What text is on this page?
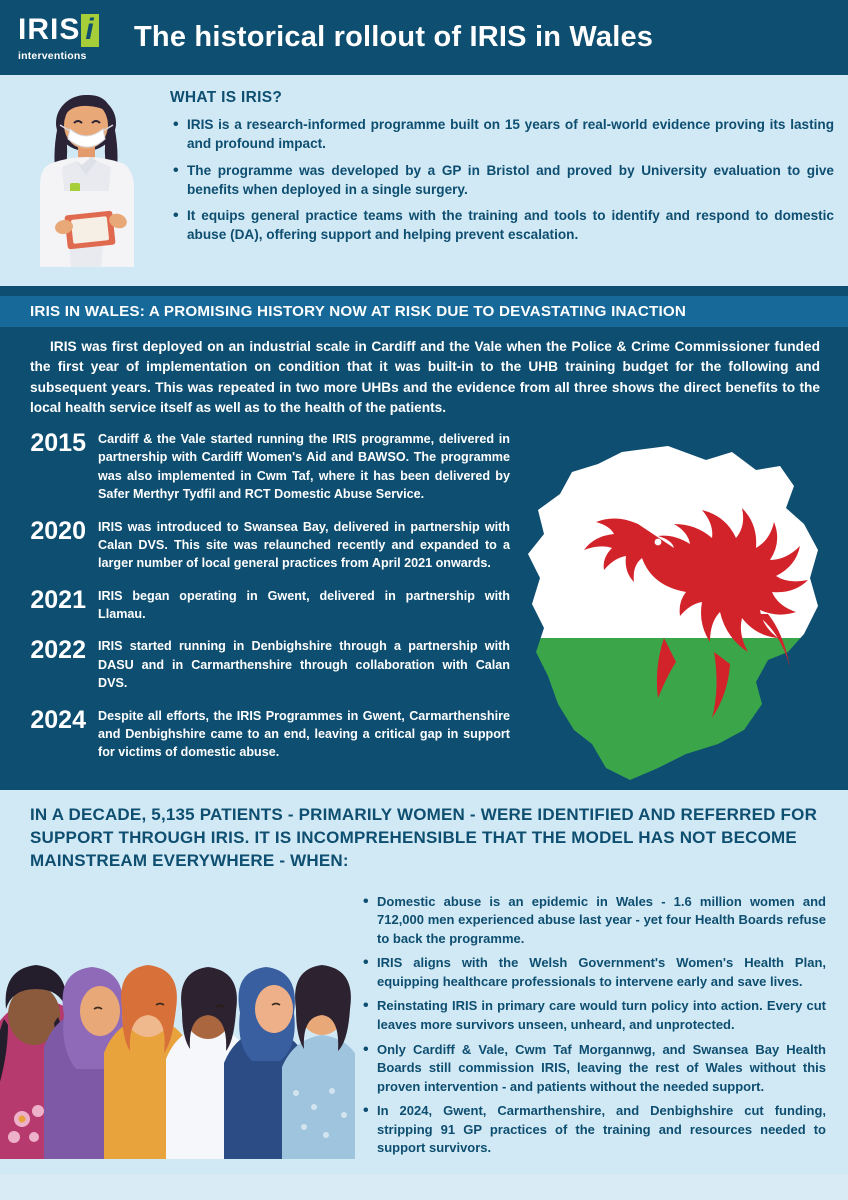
IRIS i
interventions
The historical rollout of IRIS in Wales
WHAT IS IRIS?
• IRIS is a research-informed programme built on 15 years of real-world evidence proving its lasting and profound impact.
• The programme was developed by a GP in Bristol and proved by University evaluation to give benefits when deployed in a single surgery.
• It equips general practice teams with the training and tools to identify and respond to domestic abuse (DA), offering support and helping prevent escalation.
IRIS IN WALES: A PROMISING HISTORY NOW AT RISK DUE TO DEVASTATING INACTION
IRIS was first deployed on an industrial scale in Cardiff and the Vale when the Police & Crime Commissioner funded the first year of implementation on condition that it was built-in to the UHB training budget for the following and subsequent years. This was repeated in two more UHBs and the evidence from all three shows the direct benefits to the local health service itself as well as to the health of the patients.
2015 Cardiff & the Vale started running the IRIS programme, delivered in partnership with Cardiff Women's Aid and BAWSO. The programme was also implemented in Cwm Taf, where it has been delivered by Safer Merthyr Tydfil and RCT Domestic Abuse Service.
2020 IRIS was introduced to Swansea Bay, delivered in partnership with Calan DVS. This site was relaunched recently and expanded to a larger number of local general practices from April 2021 onwards.
2021 IRIS began operating in Gwent, delivered in partnership with Llamau.
2022 IRIS started running in Denbighshire through a partnership with DASU and in Carmarthenshire through collaboration with Calan DVS.
2024 Despite all efforts, the IRIS Programmes in Gwent, Carmarthenshire and Denbighshire came to an end, leaving a critical gap in support for victims of domestic abuse.
IN A DECADE, 5,135 PATIENTS - PRIMARILY WOMEN - WERE IDENTIFIED AND REFERRED FOR SUPPORT THROUGH IRIS. IT IS INCOMPREHENSIBLE THAT THE MODEL HAS NOT BECOME MAINSTREAM EVERYWHERE - WHEN:
• Domestic abuse is an epidemic in Wales - 1.6 million women and 712,000 men experienced abuse last year - yet four Health Boards refuse to back the programme.
• IRIS aligns with the Welsh Government's Women's Health Plan, equipping healthcare professionals to intervene early and save lives.
• Reinstating IRIS in primary care would turn policy into action. Every cut leaves more survivors unseen, unheard, and unprotected.
• Only Cardiff & Vale, Cwm Taf Morgannwg, and Swansea Bay Health Boards still commission IRIS, leaving the rest of Wales without this proven intervention - and patients without the needed support.
• In 2024, Gwent, Carmarthenshire, and Denbighshire cut funding, stripping 91 GP practices of the training and resources needed to support survivors.
